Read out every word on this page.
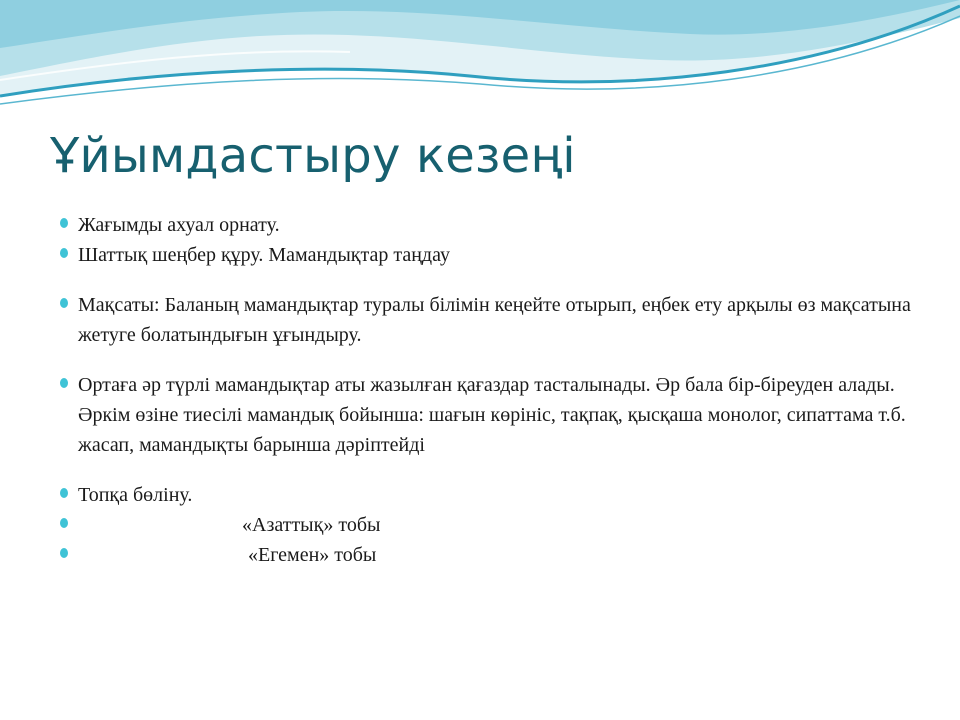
Ұйымдастыру кезеңі
Жағымды ахуал орнату.
Шаттық шеңбер құру. Мамандықтар таңдау
Мақсаты: Баланың мамандықтар туралы білімін кеңейте отырып, еңбек ету арқылы өз мақсатына жетуге болатындығын ұғындыру.
Ортаға әр түрлі мамандықтар аты жазылған қағаздар тасталынады. Әр бала бір-біреуден алады. Әркім өзіне тиесілі мамандық бойынша: шағын көрініс, тақпақ, қысқаша монолог, сипаттама т.б. жасап, мамандықты барынша дәріптейді
Топқа бөліну.
«Азаттық» тобы
«Егемен» тобы
